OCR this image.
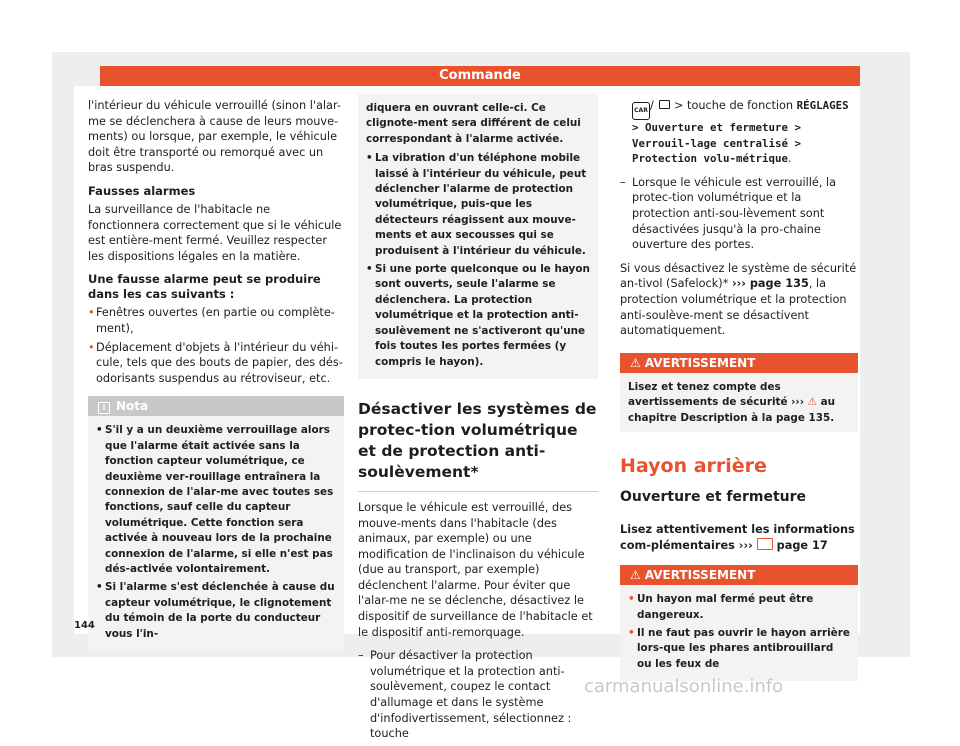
Commande

l'intérieur du véhicule verrouillé (sinon l'alar-me se déclenchera à cause de leurs mouve-ments) ou lorsque, par exemple, le véhicule doit être transporté ou remorqué avec un bras suspendu.

Fausses alarmes

La surveillance de l'habitacle ne fonctionnera correctement que si le véhicule est entière-ment fermé. Veuillez respecter les dispositions légales en la matière.

Une fausse alarme peut se produire dans les cas suivants :
• Fenêtres ouvertes (en partie ou complète-ment),
• Déplacement d'objets à l'intérieur du véhi-cule, tels que des bouts de papier, des dés-odorisants suspendus au rétroviseur, etc.
i Nota
• S'il y a un deuxième verrouillage alors que l'alarme était activée sans la fonction capteur volumétrique, ce deuxième ver-rouillage entraînera la connexion de l'alar-me avec toutes ses fonctions, sauf celle du capteur volumétrique. Cette fonction sera activée à nouveau lors de la prochaine connexion de l'alarme, si elle n'est pas dés-activée volontairement.
• Si l'alarme s'est déclenchée à cause du capteur volumétrique, le clignotement du témoin de la porte du conducteur vous l'in-
diquera en ouvrant celle-ci. Ce clignote-ment sera différent de celui correspondant à l'alarme activée.
• La vibration d'un téléphone mobile laissé à l'intérieur du véhicule, peut déclencher l'alarme de protection volumétrique, puis-que les détecteurs réagissent aux mouve-ments et aux secousses qui se produisent à l'intérieur du véhicule.
• Si une porte quelconque ou le hayon sont ouverts, seule l'alarme se déclenchera. La protection volumétrique et la protection anti-soulèvement ne s'activeront qu'une fois toutes les portes fermées (y compris le hayon).
Désactiver les systèmes de protec-tion volumétrique et de protection anti-soulèvement*

Lorsque le véhicule est verrouillé, des mouve-ments dans l'habitacle (des animaux, par exemple) ou une modification de l'inclinaison du véhicule (due au transport, par exemple) déclenchent l'alarme. Pour éviter que l'alar-me ne se déclenche, désactivez le dispositif de surveillance de l'habitacle et le dispositif anti-remorquage.

– Pour désactiver la protection volumétrique et la protection anti-soulèvement, coupez le contact d'allumage et dans le système d'infodivertissement, sélectionnez : touche

CAR /  > touche de fonction RÉGLAGES > Ouverture et fermeture > Verrouil-lage centralisé > Protection volu-métrique.

– Lorsque le véhicule est verrouillé, la protec-tion volumétrique et la protection anti-sou-lèvement sont désactivées jusqu'à la pro-chaine ouverture des portes.

Si vous désactivez le système de sécurité an-tivol (Safelock)* ››› page 135, la protection volumétrique et la protection anti-soulève-ment se désactivent automatiquement.

⚠ AVERTISSEMENT
Lisez et tenez compte des avertissements de sécurité ››› ⚠ au chapitre Description à la page 135.
Hayon arrière
Ouverture et fermeture

Lisez attentivement les informations com-plémentaires ›››  page 17

⚠ AVERTISSEMENT
• Un hayon mal fermé peut être dangereux.
• Il ne faut pas ouvrir le hayon arrière lors-que les phares antibrouillard ou les feux de
144
carmanualsonline.info
